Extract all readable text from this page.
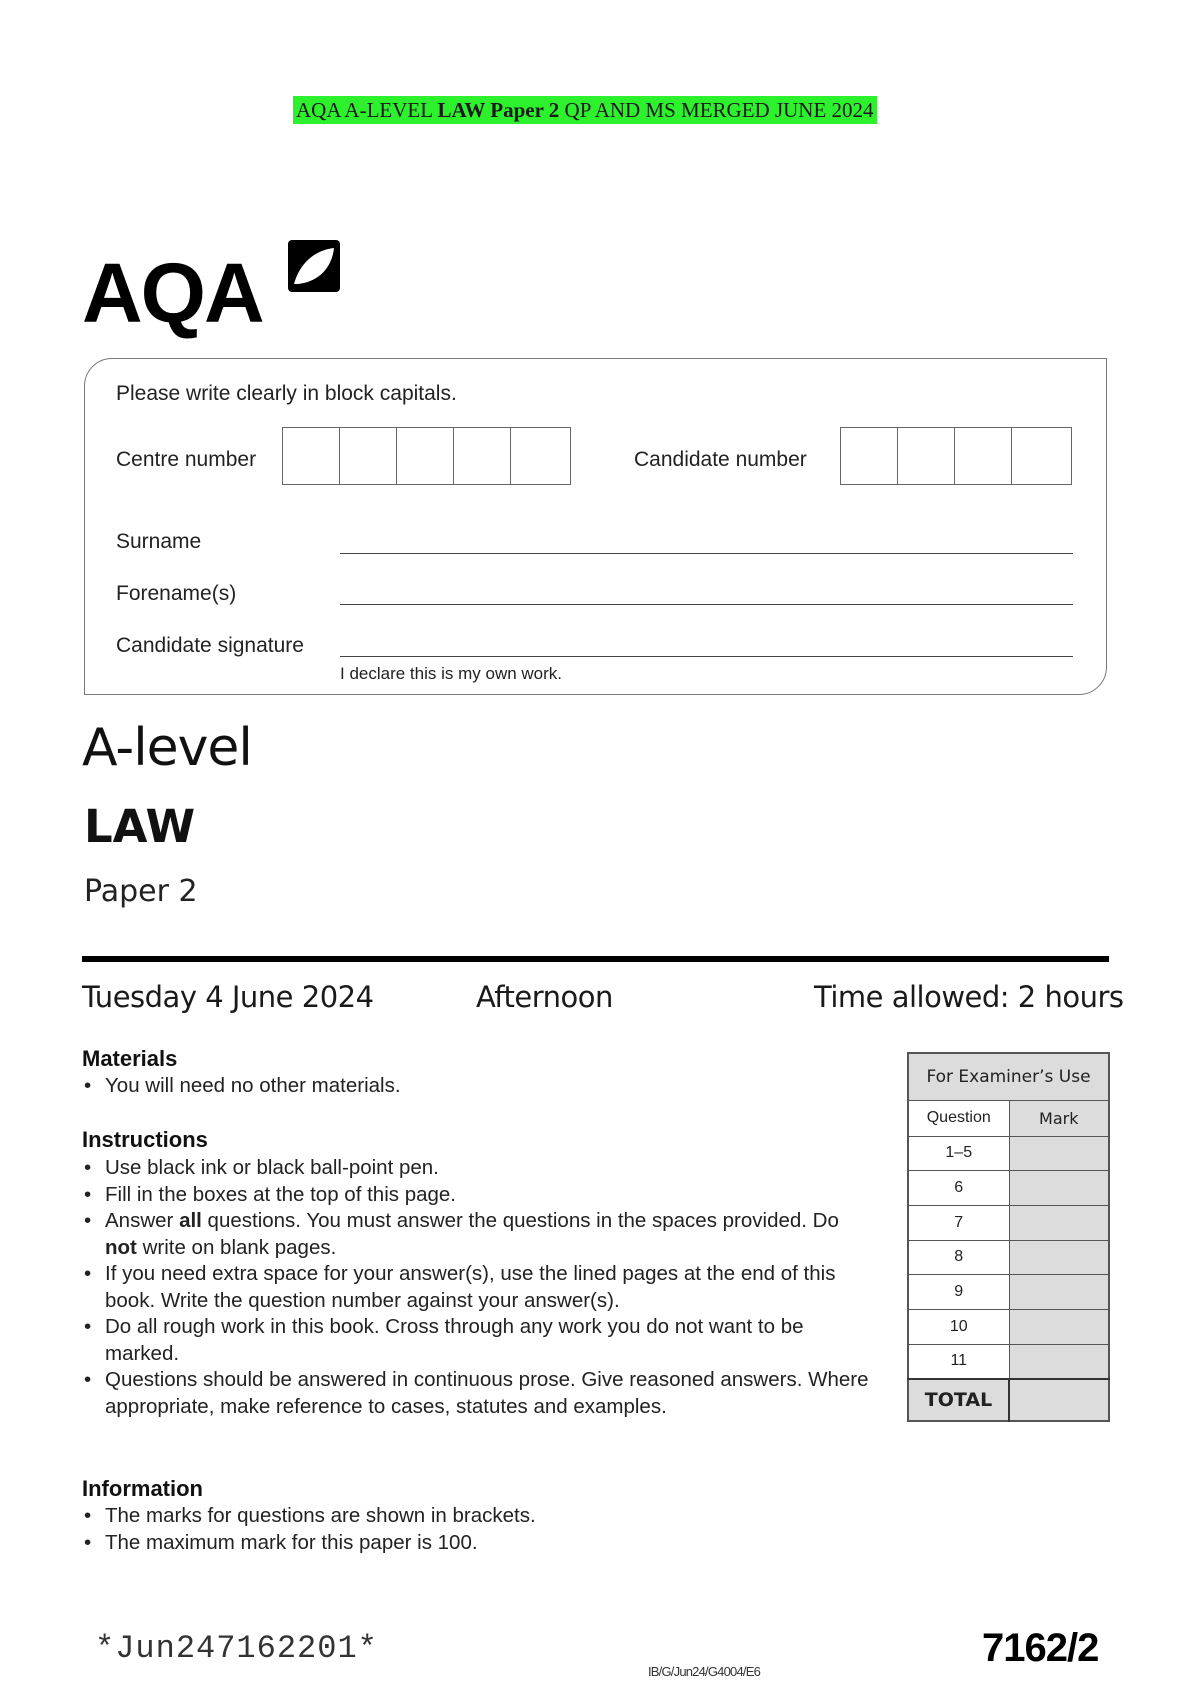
AQA A-LEVEL LAW Paper 2 QP AND MS MERGED JUNE 2024
AQA
Please write clearly in block capitals.
Centre number	Candidate number
Surname
Forename(s)
Candidate signature
I declare this is my own work.
A-level
LAW
Paper 2
Tuesday 4 June 2024	Afternoon	Time allowed: 2 hours
Materials
• You will need no other materials.
Instructions
• Use black ink or black ball-point pen.
• Fill in the boxes at the top of this page.
• Answer all questions. You must answer the questions in the spaces provided. Do not write on blank pages.
• If you need extra space for your answer(s), use the lined pages at the end of this book. Write the question number against your answer(s).
• Do all rough work in this book. Cross through any work you do not want to be marked.
• Questions should be answered in continuous prose. Give reasoned answers. Where appropriate, make reference to cases, statutes and examples.
Information
• The marks for questions are shown in brackets.
• The maximum mark for this paper is 100.
For Examiner’s Use	
Question	Mark
1–5	
6	
7	
8	
9	
10	
11	
TOTAL	
*Jun247162201*
IB/G/Jun24/G4004/E6
7162/2
